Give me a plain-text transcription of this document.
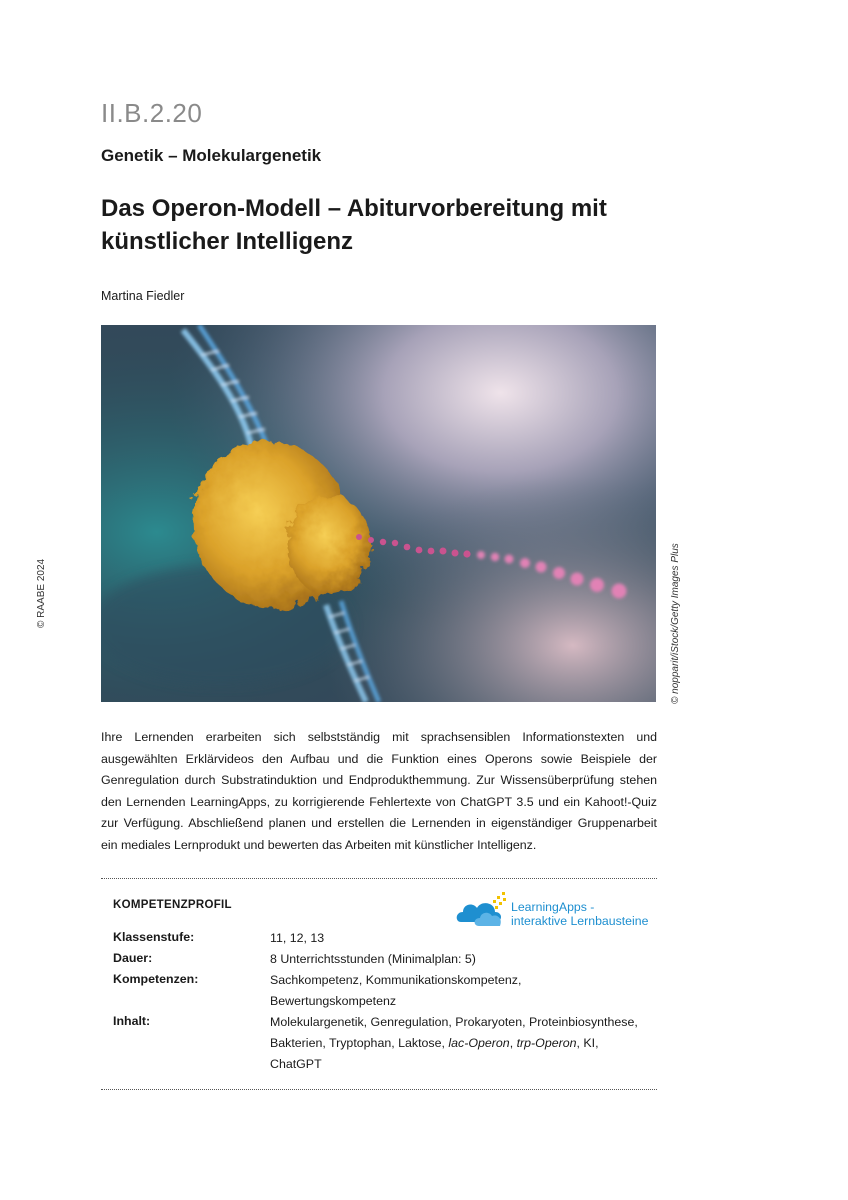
II.B.2.20
Genetik – Molekulargenetik
Das Operon-Modell – Abiturvorbereitung mit künstlicher Intelligenz
Martina Fiedler
© RAABE 2024	© nopparit/iStock/Getty Images Plus
Ihre Lernenden erarbeiten sich selbstständig mit sprachsensiblen Informationstexten und ausgewählten Erklärvideos den Aufbau und die Funktion eines Operons sowie Beispiele der Genregulation durch Substratinduktion und Endprodukthemmung. Zur Wissensüberprüfung stehen den Lernenden LearningApps, zu korrigierende Fehlertexte von ChatGPT 3.5 und ein Kahoot!-Quiz zur Verfügung. Abschließend planen und erstellen die Lernenden in eigenständiger Gruppenarbeit ein mediales Lernprodukt und bewerten das Arbeiten mit künstlicher Intelligenz.
KOMPETENZPROFIL	LearningApps -
interaktive Lernbausteine
Klassenstufe:	11, 12, 13
Dauer:	8 Unterrichtsstunden (Minimalplan: 5)
Kompetenzen:	Sachkompetenz, Kommunikationskompetenz, Bewertungskompetenz
Inhalt:	Molekulargenetik, Genregulation, Prokaryoten, Proteinbiosynthese, Bakterien, Tryptophan, Laktose, lac-Operon, trp-Operon, KI, ChatGPT
